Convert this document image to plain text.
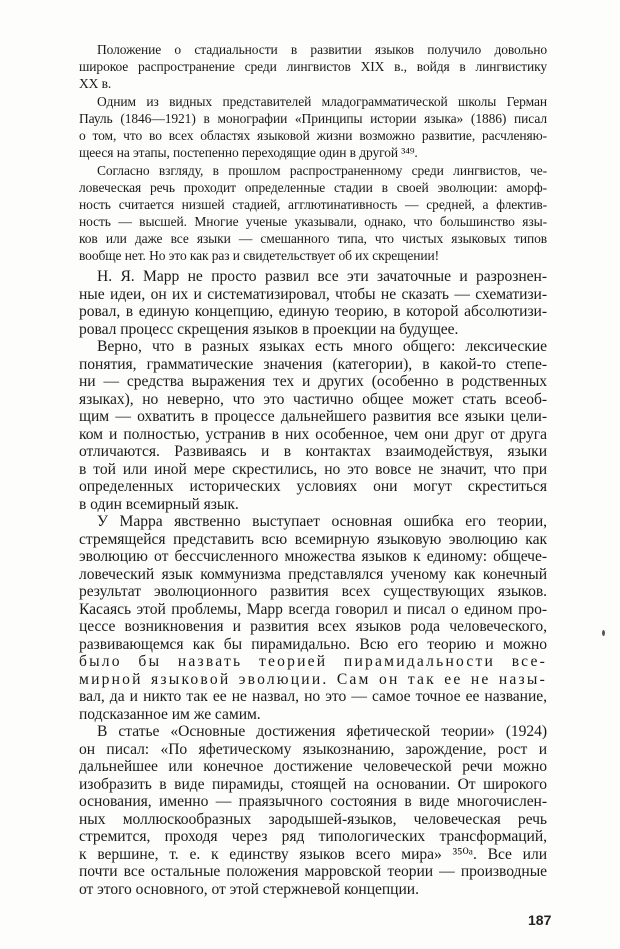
Положение о стадиальности в развитии языков получило довольно

широкое распространение среди лингвистов XIX в., войдя в лингвистику

XX в.

Одним из видных представителей младограмматической школы Герман

Пауль (1846—1921) в монографии «Принципы истории языка» (1886) писал

о том, что во всех областях языковой жизни возможно развитие, расчленяю-

щееся на этапы, постепенно переходящие один в другой ³⁴⁹.

Согласно взгляду, в прошлом распространенному среди лингвистов, че-

ловеческая речь проходит определенные стадии в своей эволюции: аморф-

ность считается низшей стадией, агглютинативность — средней, а флектив-

ность — высшей. Многие ученые указывали, однако, что большинство язы-

ков или даже все языки — смешанного типа, что чистых языковых типов

вообще нет. Но это как раз и свидетельствует об их скрещении!

Н. Я. Марр не просто развил все эти зачаточные и разрознен-

ные идеи, он их и систематизировал, чтобы не сказать — схематизи-

ровал, в единую концепцию, единую теорию, в которой абсолютизи-

ровал процесс скрещения языков в проекции на будущее.

Верно, что в разных языках есть много общего: лексические

понятия, грамматические значения (категории), в какой-то степе-

ни — средства выражения тех и других (особенно в родственных

языках), но неверно, что это частично общее может стать всеоб-

щим — охватить в процессе дальнейшего развития все языки цели-

ком и полностью, устранив в них особенное, чем они друг от друга

отличаются. Развиваясь и в контактах взаимодействуя, языки

в той или иной мере скрестились, но это вовсе не значит, что при

определенных исторических условиях они могут скреститься

в один всемирный язык.

У Марра явственно выступает основная ошибка его теории,

стремящейся представить всю всемирную языковую эволюцию как

эволюцию от бессчисленного множества языков к единому: общече-

ловеческий язык коммунизма представлялся ученому как конечный

результат эволюционного развития всех существующих языков.

Касаясь этой проблемы, Марр всегда говорил и писал о едином про-

цессе возникновения и развития всех языков рода человеческого,

развивающемся как бы пирамидально. Всю его теорию и можно

было бы назвать теорией пирамидальности все-

мирной языковой эволюции. Сам он так ее не назы-

вал, да и никто так ее не назвал, но это — самое точное ее название,

подсказанное им же самим.

В статье «Основные достижения яфетической теории» (1924)

он писал: «По яфетическому языкознанию, зарождение, рост и

дальнейшее или конечное достижение человеческой речи можно

изобразить в виде пирамиды, стоящей на основании. От широкого

основания, именно — праязычного состояния в виде многочислен-

ных моллюскообразных зародышей-языков, человеческая речь

стремится, проходя через ряд типологических трансформаций,

к вершине, т. е. к единству языков всего мира» ³⁵⁰ᵃ. Все или

почти все остальные положения марровской теории — производные

от этого основного, от этой стержневой концепции.

187
